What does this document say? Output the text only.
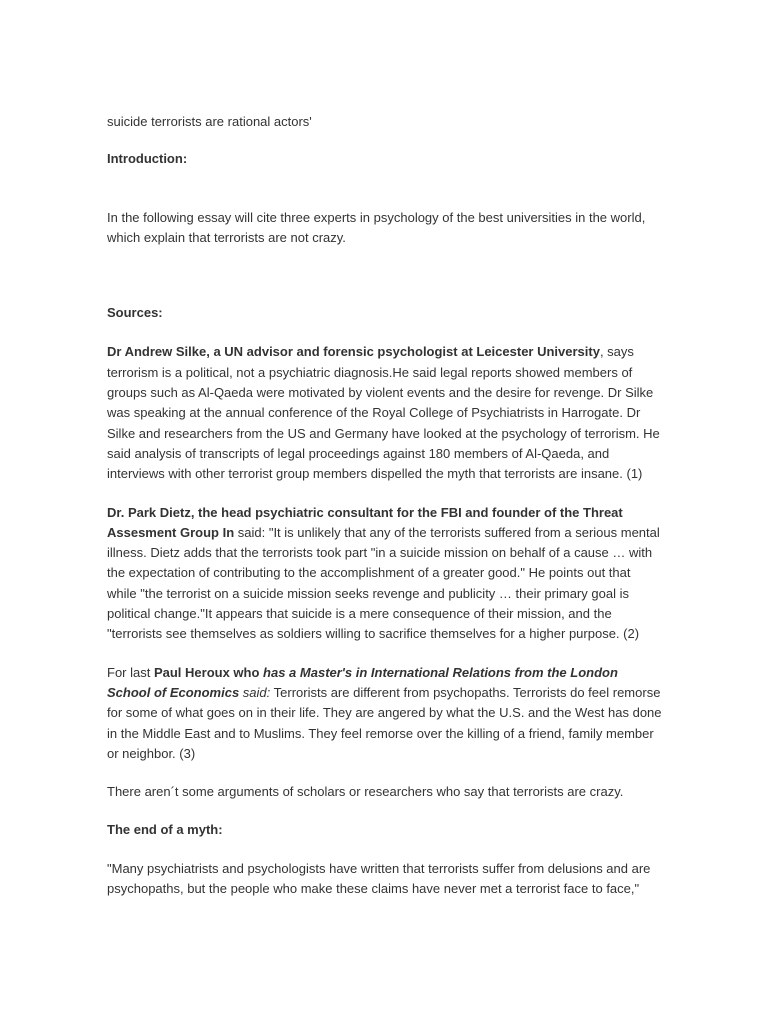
suicide terrorists are rational actors'

Introduction:

In the following essay will cite three experts in psychology of the best universities in the world, which explain that terrorists are not crazy.

Sources:

Dr Andrew Silke, a UN advisor and forensic psychologist at Leicester University, says terrorism is a political, not a psychiatric diagnosis.He said legal reports showed members of groups such as Al-Qaeda were motivated by violent events and the desire for revenge. Dr Silke was speaking at the annual conference of the Royal College of Psychiatrists in Harrogate. Dr Silke and researchers from the US and Germany have looked at the psychology of terrorism. He said analysis of transcripts of legal proceedings against 180 members of Al-Qaeda, and interviews with other terrorist group members dispelled the myth that terrorists are insane. (1)

Dr. Park Dietz, the head psychiatric consultant for the FBI and founder of the Threat Assesment Group In said: "It is unlikely that any of the terrorists suffered from a serious mental illness. Dietz adds that the terrorists took part "in a suicide mission on behalf of a cause … with the expectation of contributing to the accomplishment of a greater good." He points out that while "the terrorist on a suicide mission seeks revenge and publicity … their primary goal is political change."It appears that suicide is a mere consequence of their mission, and the "terrorists see themselves as soldiers willing to sacrifice themselves for a higher purpose. (2)

For last Paul Heroux who has a Master's in International Relations from the London School of Economics said: Terrorists are different from psychopaths. Terrorists do feel remorse for some of what goes on in their life. They are angered by what the U.S. and the West has done in the Middle East and to Muslims. They feel remorse over the killing of a friend, family member or neighbor. (3)

There aren´t some arguments of scholars or researchers who say that terrorists are crazy.

The end of a myth:

"Many psychiatrists and psychologists have written that terrorists suffer from delusions and are psychopaths, but the people who make these claims have never met a terrorist face to face,"
